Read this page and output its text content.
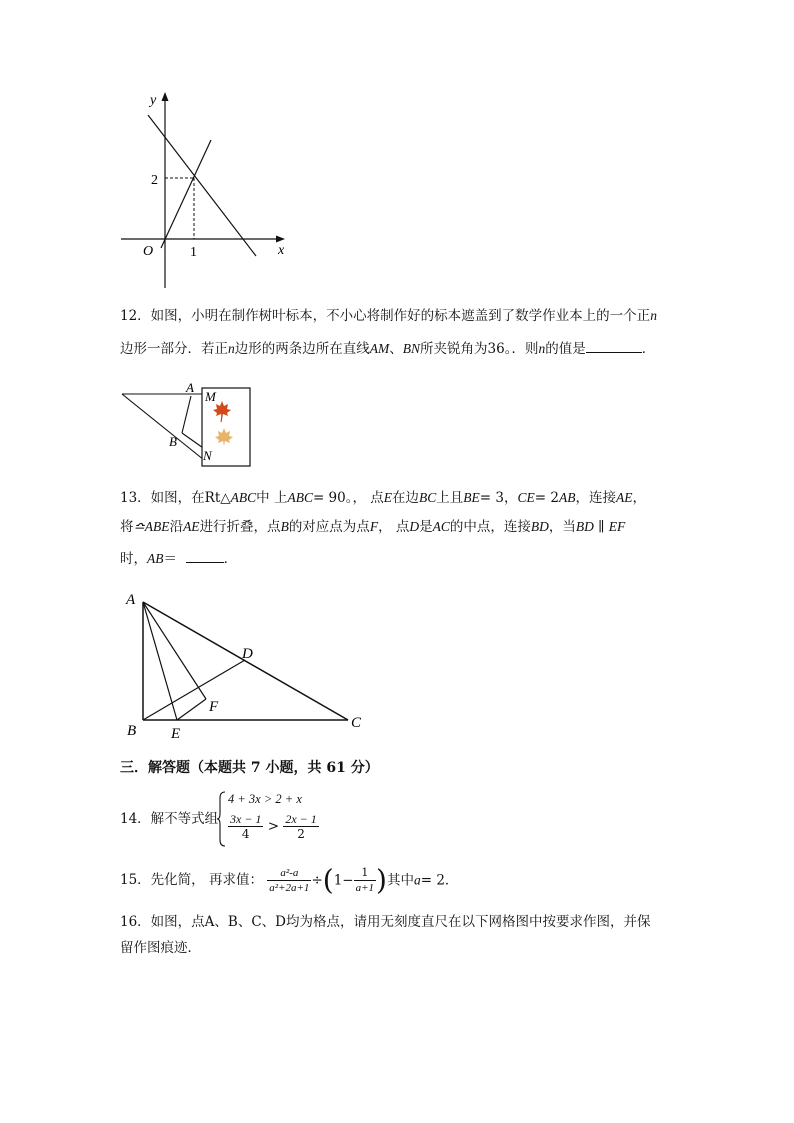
y
x
O
2
1
12．如图，小明在制作树叶标本，不小心将制作好的标本遮盖到了数学作业本上的一个正n
边形一部分．若正n边形的两条边所在直线AM、BN所夹锐角为36。．则n的值是	．
A
B
M
N
13．如图，在Rt△ABC中 上ABC= 90。， 点E在边BC上且BE= 3，CE= 2AB，连接AE，
将≏ABE沿AE进行折叠，点B的对应点为点F， 点D是AC的中点，连接BD，当BD ∥ EF
时，AB＝	．
A
B	C
D
E
F
三．解答题（本题共 7 小题，共 61 分）
14．解不等式组
4 + 3x > 2 + x
$\frac{3x - 1}{4} > \frac{2x - 1}{2}$
15．先化简， 再求值： $\frac{\text{a²-a}}{\text{a²+2a+1}} \div(1- \frac{1}{a+1}$ )其中a= 2．
16．如图，点A、B、C、D均为格点，请用无刻度直尺在以下网格图中按要求作图，并保
留作图痕迹．
